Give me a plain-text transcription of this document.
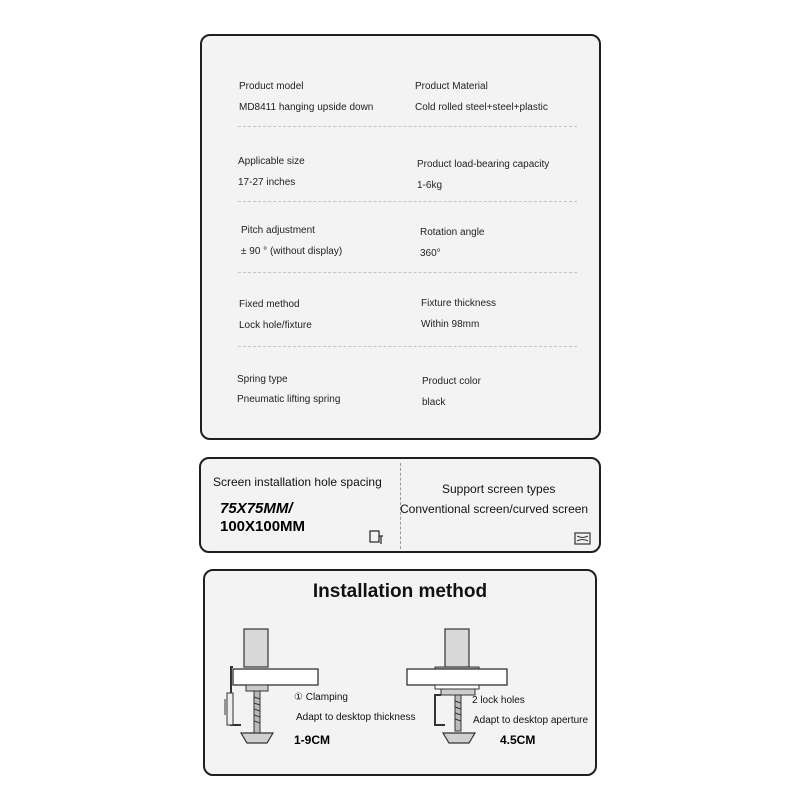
Product model
MD8411 hanging upside down
Product Material
Cold rolled steel+steel+plastic
Applicable size
17-27 inches
Product load-bearing capacity
1-6kg
Pitch adjustment
± 90 ° (without display)
Rotation angle
360°
Fixed method
Lock hole/fixture
Fixture thickness
Within 98mm
Spring type
Pneumatic lifting spring
Product color
black
Screen installation hole spacing
75X75MM/
100X100MM
Support screen types
Conventional screen/curved screen
Installation method
① Clamping
Adapt to desktop thickness
1-9CM
2 lock holes
Adapt to desktop aperture
4.5CM
